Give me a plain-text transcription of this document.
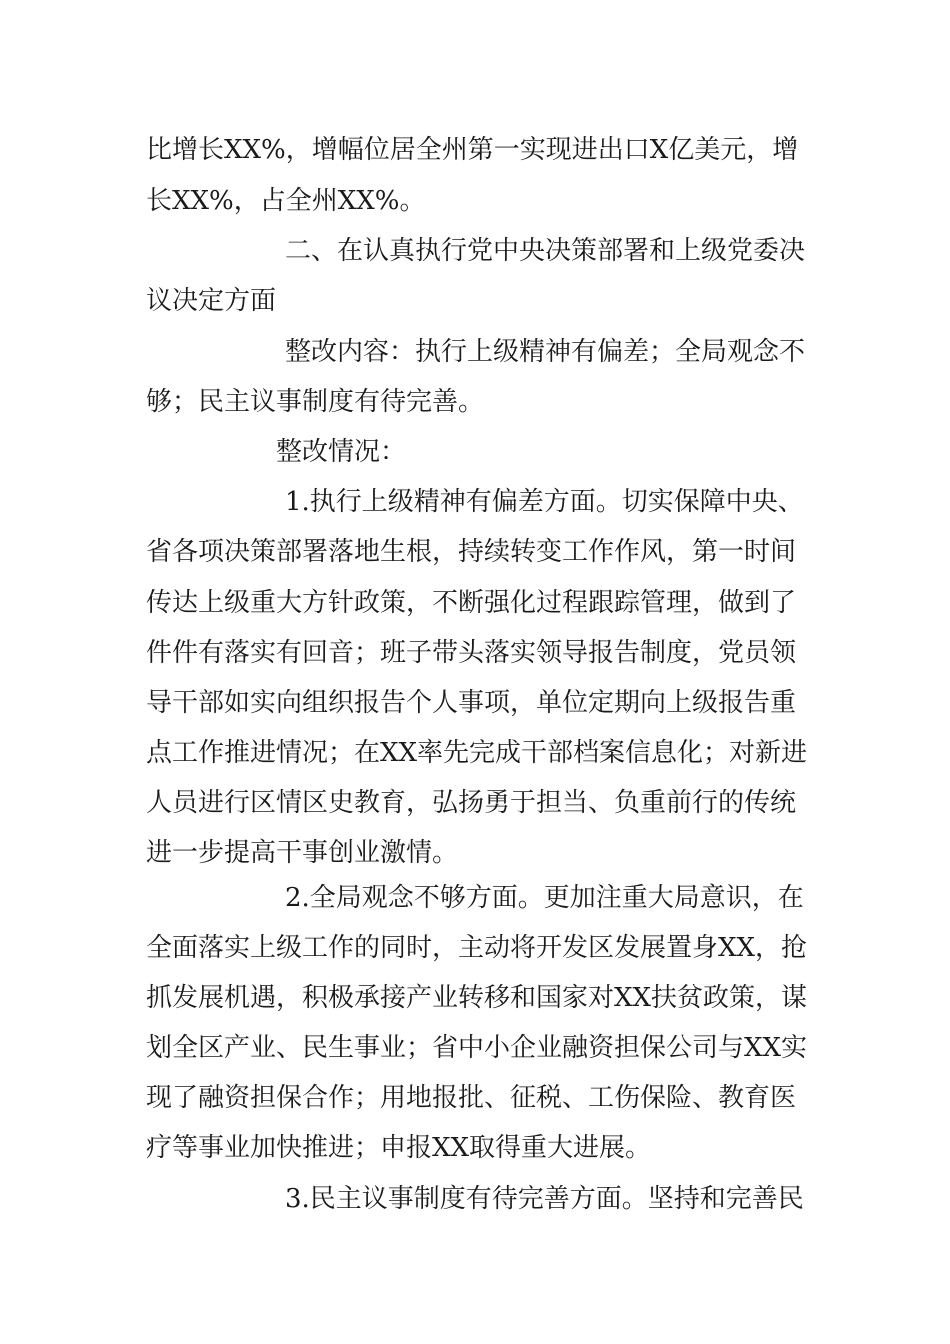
比增长XX%，增幅位居全州第一实现进出口X亿美元，增
长XX%，占全州XX%。
二、在认真执行党中央决策部署和上级党委决
议决定方面
整改内容：执行上级精神有偏差；全局观念不
够；民主议事制度有待完善。
整改情况：
1.执行上级精神有偏差方面。切实保障中央、
省各项决策部署落地生根，持续转变工作作风，第一时间
传达上级重大方针政策，不断强化过程跟踪管理，做到了
件件有落实有回音；班子带头落实领导报告制度，党员领
导干部如实向组织报告个人事项，单位定期向上级报告重
点工作推进情况；在XX率先完成干部档案信息化；对新进
人员进行区情区史教育，弘扬勇于担当、负重前行的传统
进一步提高干事创业激情。
2.全局观念不够方面。更加注重大局意识，在
全面落实上级工作的同时，主动将开发区发展置身XX，抢
抓发展机遇，积极承接产业转移和国家对XX扶贫政策，谋
划全区产业、民生事业；省中小企业融资担保公司与XX实
现了融资担保合作；用地报批、征税、工伤保险、教育医
疗等事业加快推进；申报XX取得重大进展。
3.民主议事制度有待完善方面。坚持和完善民
